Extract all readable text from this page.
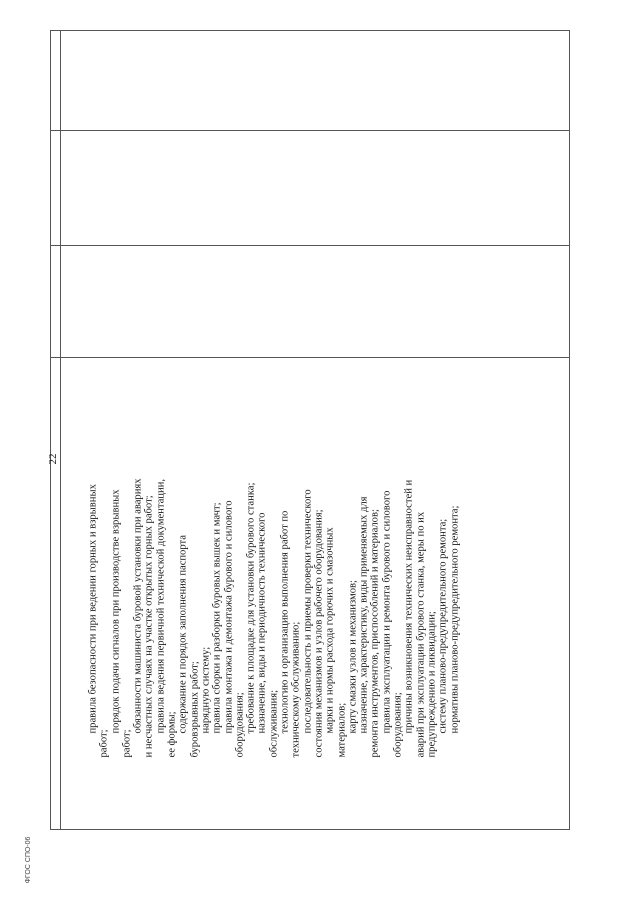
22

правила безопасности при ведении горных и взрывных

работ;

порядок подачи сигналов при производстве взрывных

работ;

обязанности машиниста буровой установки при авариях и несчастных случаях на участке открытых горных работ; правила ведения первичной технической документации,

ее формы;

содержание и порядок заполнения паспорта буровзрывных работ; нарядную систему; правила сборки и разборки буровых вышек и мачт; правила монтажа и демонтажа бурового и силового оборудования; требование к площадке для установки бурового станка; назначение, виды и периодичность технического обслуживания; технологию и организацию выполнения работ по техническому обслуживанию; последовательность и приемы проверки технического состояния механизмов и узлов рабочего оборудования; марки и нормы расхода горючих и смазочных материалов; карту смазки узлов и механизмов; назначение, характеристику, виды применяемых для ремонта инструментов, приспособлений и материалов; правила эксплуатации и ремонта бурового и силового оборудования; причины возникновения технических неисправностей и аварий при эксплуатации бурового станка, меры по их предупреждению и ликвидации; систему планово-предупредительного ремонта; нормативы планово-предупредительного ремонта;

ФГОС СПО-06
